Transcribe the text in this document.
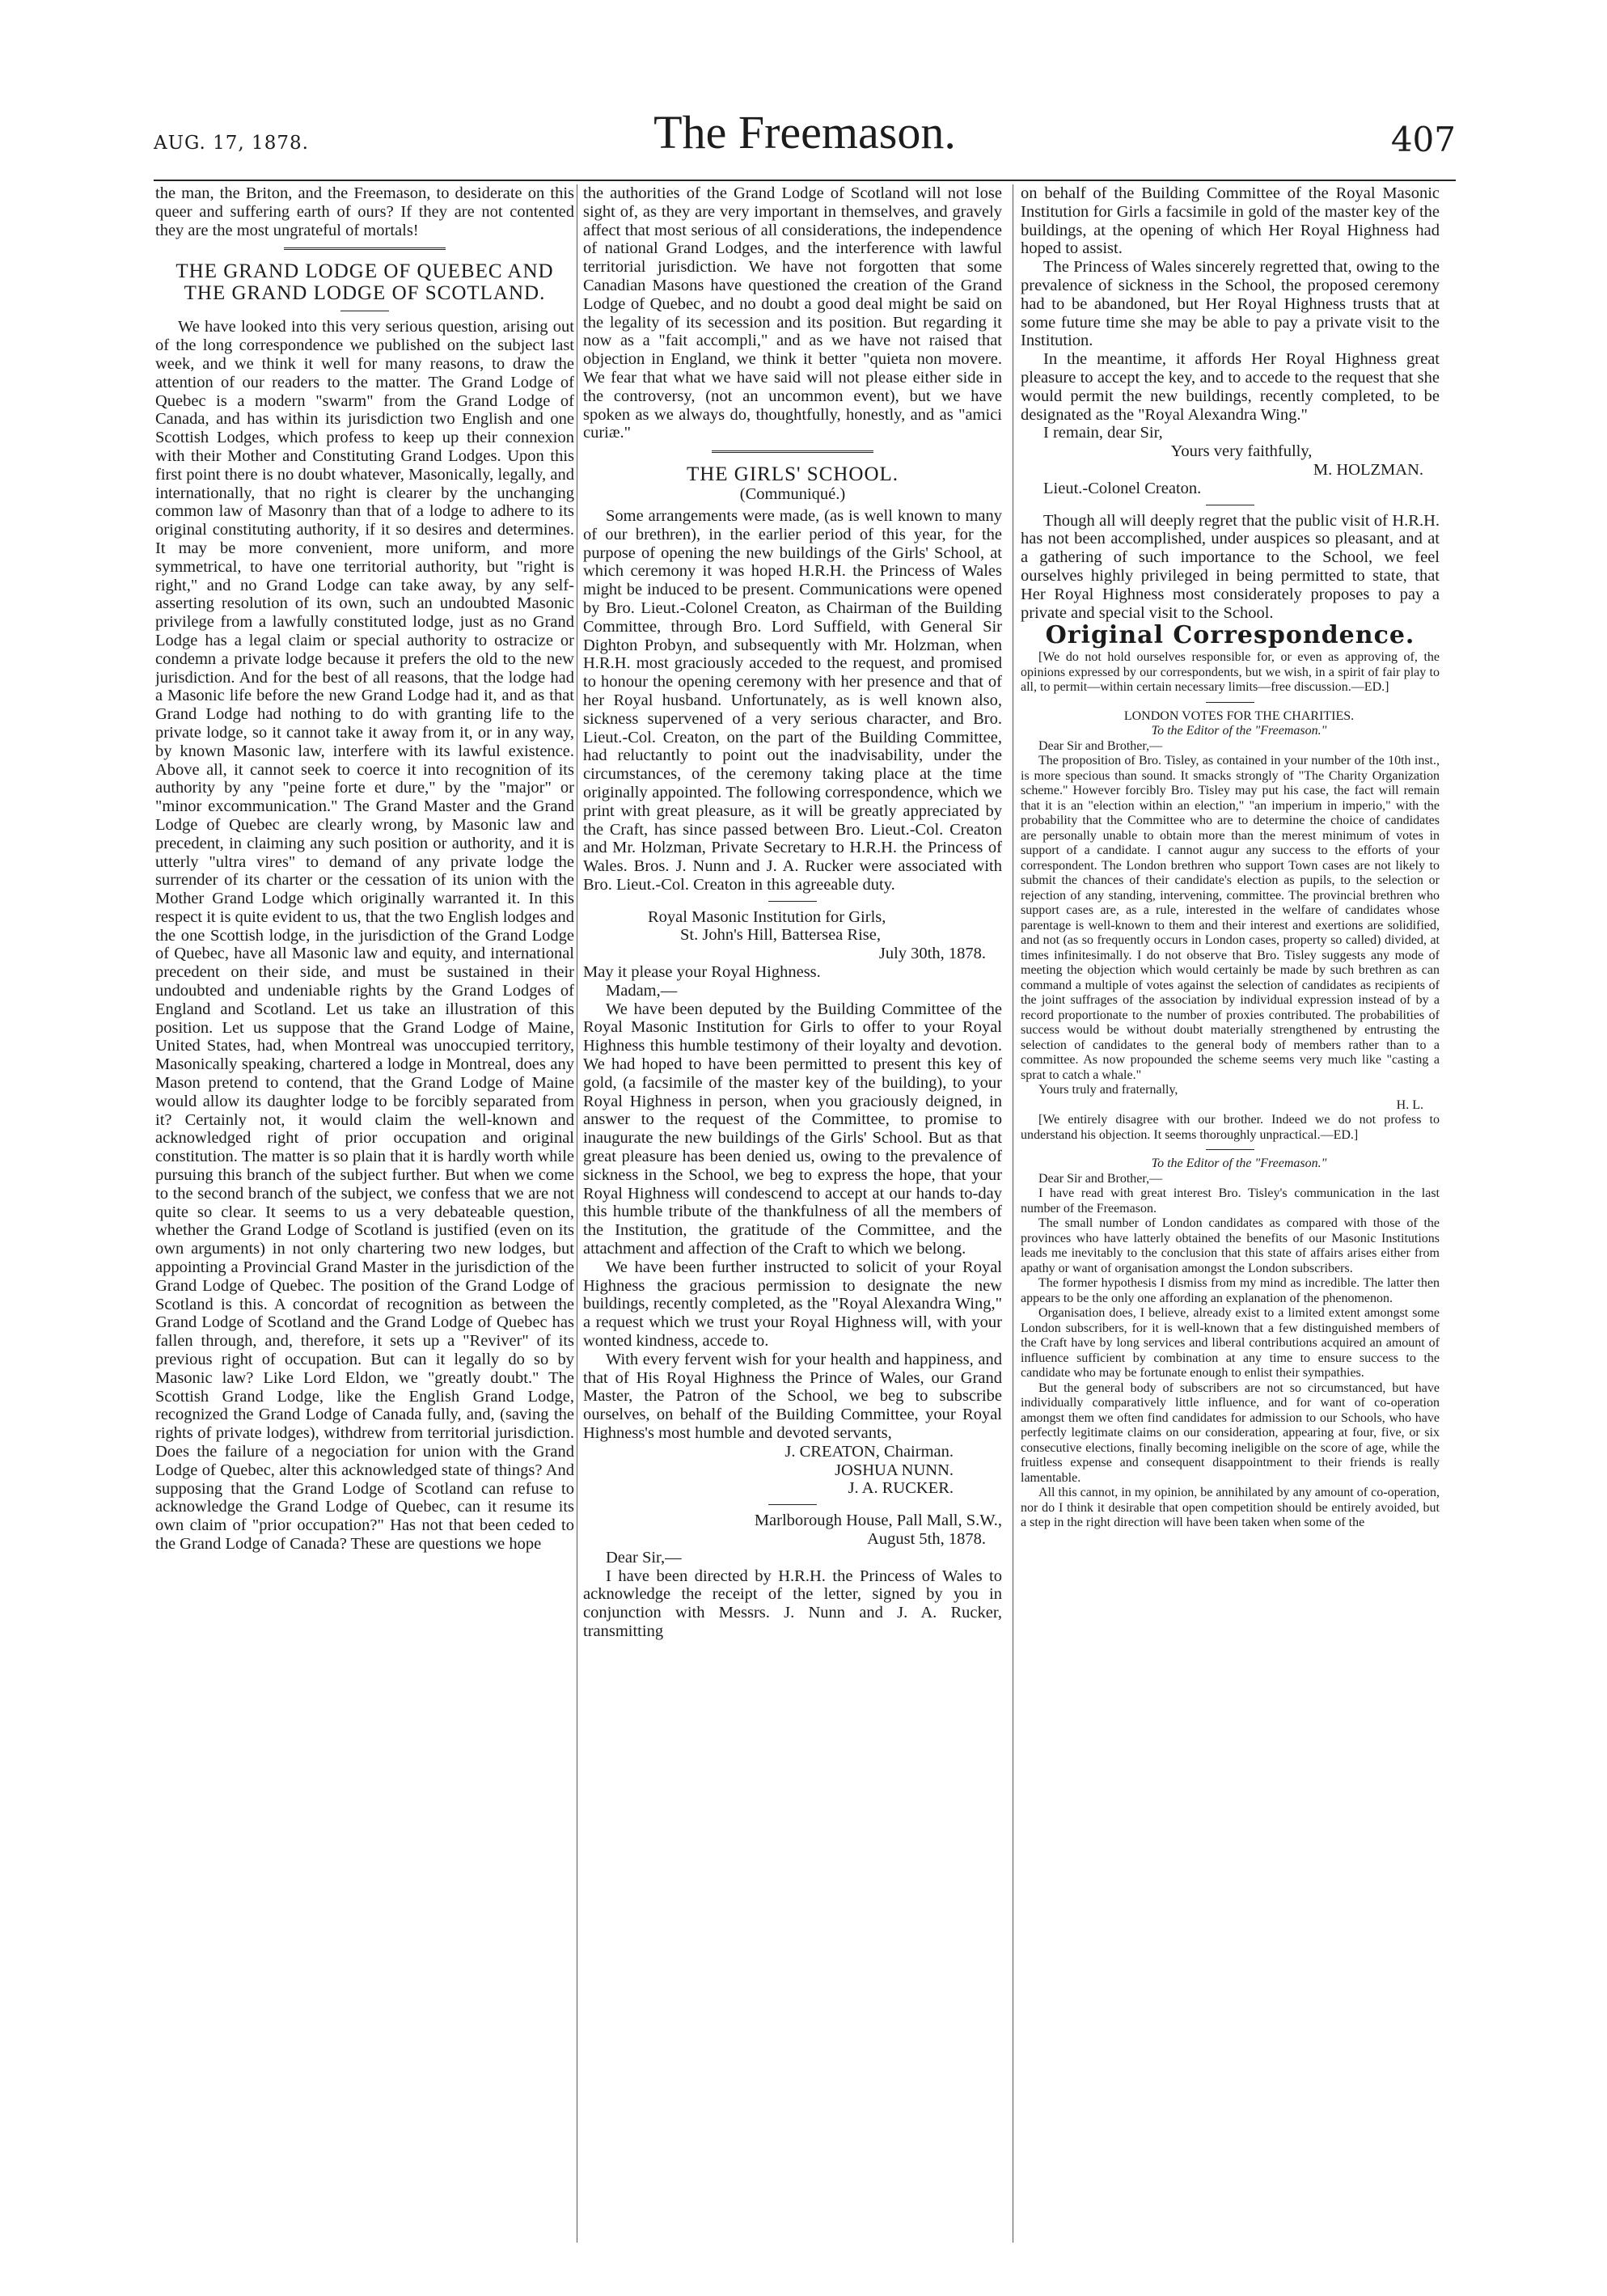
AUG. 17, 1878.	The Freemason.	407

the man, the Briton, and the Freemason, to desiderate on this queer and suffering earth of ours? If they are not contented they are the most ungrateful of mortals!

THE GRAND LODGE OF QUEBEC AND THE GRAND LODGE OF SCOTLAND.

We have looked into this very serious question, arising out of the long correspondence we published on the subject last week, and we think it well for many reasons, to draw the attention of our readers to the matter. The Grand Lodge of Quebec is a modern "swarm" from the Grand Lodge of Canada, and has within its jurisdiction two English and one Scottish Lodges, which profess to keep up their connexion with their Mother and Constituting Grand Lodges. Upon this first point there is no doubt whatever, Masonically, legally, and internationally, that no right is clearer by the unchanging common law of Masonry than that of a lodge to adhere to its original constituting authority, if it so desires and determines. It may be more convenient, more uniform, and more symmetrical, to have one territorial authority, but "right is right," and no Grand Lodge can take away, by any self-asserting resolution of its own, such an undoubted Masonic privilege from a lawfully constituted lodge, just as no Grand Lodge has a legal claim or special authority to ostracize or condemn a private lodge because it prefers the old to the new jurisdiction. And for the best of all reasons, that the lodge had a Masonic life before the new Grand Lodge had it, and as that Grand Lodge had nothing to do with granting life to the private lodge, so it cannot take it away from it, or in any way, by known Masonic law, interfere with its lawful existence. Above all, it cannot seek to coerce it into recognition of its authority by any "peine forte et dure," by the "major" or "minor excommunication." The Grand Master and the Grand Lodge of Quebec are clearly wrong, by Masonic law and precedent, in claiming any such position or authority, and it is utterly "ultra vires" to demand of any private lodge the surrender of its charter or the cessation of its union with the Mother Grand Lodge which originally warranted it. In this respect it is quite evident to us, that the two English lodges and the one Scottish lodge, in the jurisdiction of the Grand Lodge of Quebec, have all Masonic law and equity, and international precedent on their side, and must be sustained in their undoubted and undeniable rights by the Grand Lodges of England and Scotland. Let us take an illustration of this position. Let us suppose that the Grand Lodge of Maine, United States, had, when Montreal was unoccupied territory, Masonically speaking, chartered a lodge in Montreal, does any Mason pretend to contend, that the Grand Lodge of Maine would allow its daughter lodge to be forcibly separated from it? Certainly not, it would claim the well-known and acknowledged right of prior occupation and original constitution. The matter is so plain that it is hardly worth while pursuing this branch of the subject further. But when we come to the second branch of the subject, we confess that we are not quite so clear. It seems to us a very debateable question, whether the Grand Lodge of Scotland is justified (even on its own arguments) in not only chartering two new lodges, but appointing a Provincial Grand Master in the jurisdiction of the Grand Lodge of Quebec. The position of the Grand Lodge of Scotland is this. A concordat of recognition as between the Grand Lodge of Scotland and the Grand Lodge of Quebec has fallen through, and, therefore, it sets up a "Reviver" of its previous right of occupation. But can it legally do so by Masonic law? Like Lord Eldon, we "greatly doubt." The Scottish Grand Lodge, like the English Grand Lodge, recognized the Grand Lodge of Canada fully, and, (saving the rights of private lodges), withdrew from territorial jurisdiction. Does the failure of a negociation for union with the Grand Lodge of Quebec, alter this acknowledged state of things? And supposing that the Grand Lodge of Scotland can refuse to acknowledge the Grand Lodge of Quebec, can it resume its own claim of "prior occupation?" Has not that been ceded to the Grand Lodge of Canada? These are questions we hope

the authorities of the Grand Lodge of Scotland will not lose sight of, as they are very important in themselves, and gravely affect that most serious of all considerations, the independence of national Grand Lodges, and the interference with lawful territorial jurisdiction. We have not forgotten that some Canadian Masons have questioned the creation of the Grand Lodge of Quebec, and no doubt a good deal might be said on the legality of its secession and its position. But regarding it now as a "fait accompli," and as we have not raised that objection in England, we think it better "quieta non movere. We fear that what we have said will not please either side in the controversy, (not an uncommon event), but we have spoken as we always do, thoughtfully, honestly, and as "amici curiæ."

THE GIRLS' SCHOOL.
(Communiqué.)

Some arrangements were made, (as is well known to many of our brethren), in the earlier period of this year, for the purpose of opening the new buildings of the Girls' School, at which ceremony it was hoped H.R.H. the Princess of Wales might be induced to be present. Communications were opened by Bro. Lieut.-Colonel Creaton, as Chairman of the Building Committee, through Bro. Lord Suffield, with General Sir Dighton Probyn, and subsequently with Mr. Holzman, when H.R.H. most graciously acceded to the request, and promised to honour the opening ceremony with her presence and that of her Royal husband. Unfortunately, as is well known also, sickness supervened of a very serious character, and Bro. Lieut.-Col. Creaton, on the part of the Building Committee, had reluctantly to point out the inadvisability, under the circumstances, of the ceremony taking place at the time originally appointed. The following correspondence, which we print with great pleasure, as it will be greatly appreciated by the Craft, has since passed between Bro. Lieut.-Col. Creaton and Mr. Holzman, Private Secretary to H.R.H. the Princess of Wales. Bros. J. Nunn and J. A. Rucker were associated with Bro. Lieut.-Col. Creaton in this agreeable duty.

Royal Masonic Institution for Girls,

St. John's Hill, Battersea Rise,

July 30th, 1878.

May it please your Royal Highness.

Madam,—

We have been deputed by the Building Committee of the Royal Masonic Institution for Girls to offer to your Royal Highness this humble testimony of their loyalty and devotion. We had hoped to have been permitted to present this key of gold, (a facsimile of the master key of the building), to your Royal Highness in person, when you graciously deigned, in answer to the request of the Committee, to promise to inaugurate the new buildings of the Girls' School. But as that great pleasure has been denied us, owing to the prevalence of sickness in the School, we beg to express the hope, that your Royal Highness will condescend to accept at our hands to-day this humble tribute of the thankfulness of all the members of the Institution, the gratitude of the Committee, and the attachment and affection of the Craft to which we belong.

We have been further instructed to solicit of your Royal Highness the gracious permission to designate the new buildings, recently completed, as the "Royal Alexandra Wing," a request which we trust your Royal Highness will, with your wonted kindness, accede to.

With every fervent wish for your health and happiness, and that of His Royal Highness the Prince of Wales, our Grand Master, the Patron of the School, we beg to subscribe ourselves, on behalf of the Building Committee, your Royal Highness's most humble and devoted servants,

J. CREATON, Chairman.

JOSHUA NUNN.

J. A. RUCKER.

Marlborough House, Pall Mall, S.W.,

August 5th, 1878.

Dear Sir,—

I have been directed by H.R.H. the Princess of Wales to acknowledge the receipt of the letter, signed by you in conjunction with Messrs. J. Nunn and J. A. Rucker, transmitting

on behalf of the Building Committee of the Royal Masonic Institution for Girls a facsimile in gold of the master key of the buildings, at the opening of which Her Royal Highness had hoped to assist.

The Princess of Wales sincerely regretted that, owing to the prevalence of sickness in the School, the proposed ceremony had to be abandoned, but Her Royal Highness trusts that at some future time she may be able to pay a private visit to the Institution.

In the meantime, it affords Her Royal Highness great pleasure to accept the key, and to accede to the request that she would permit the new buildings, recently completed, to be designated as the "Royal Alexandra Wing."

I remain, dear Sir,

Yours very faithfully,

M. HOLZMAN.

Lieut.-Colonel Creaton.

Though all will deeply regret that the public visit of H.R.H. has not been accomplished, under auspices so pleasant, and at a gathering of such importance to the School, we feel ourselves highly privileged in being permitted to state, that Her Royal Highness most considerately proposes to pay a private and special visit to the School.

Original Correspondence.

[We do not hold ourselves responsible for, or even as approving of, the opinions expressed by our correspondents, but we wish, in a spirit of fair play to all, to permit—within certain necessary limits—free discussion.—ED.]

LONDON VOTES FOR THE CHARITIES.

To the Editor of the "Freemason."

Dear Sir and Brother,—

The proposition of Bro. Tisley, as contained in your number of the 10th inst., is more specious than sound. It smacks strongly of "The Charity Organization scheme." However forcibly Bro. Tisley may put his case, the fact will remain that it is an "election within an election," "an imperium in imperio," with the probability that the Committee who are to determine the choice of candidates are personally unable to obtain more than the merest minimum of votes in support of a candidate. I cannot augur any success to the efforts of your correspondent. The London brethren who support Town cases are not likely to submit the chances of their candidate's election as pupils, to the selection or rejection of any standing, intervening, committee. The provincial brethren who support cases are, as a rule, interested in the welfare of candidates whose parentage is well-known to them and their interest and exertions are solidified, and not (as so frequently occurs in London cases, property so called) divided, at times infinitesimally. I do not observe that Bro. Tisley suggests any mode of meeting the objection which would certainly be made by such brethren as can command a multiple of votes against the selection of candidates as recipients of the joint suffrages of the association by individual expression instead of by a record proportionate to the number of proxies contributed. The probabilities of success would be without doubt materially strengthened by entrusting the selection of candidates to the general body of members rather than to a committee. As now propounded the scheme seems very much like "casting a sprat to catch a whale."

Yours truly and fraternally,

H. L.

[We entirely disagree with our brother. Indeed we do not profess to understand his objection. It seems thoroughly unpractical.—ED.]

To the Editor of the "Freemason."

Dear Sir and Brother,—

I have read with great interest Bro. Tisley's communication in the last number of the Freemason.

The small number of London candidates as compared with those of the provinces who have latterly obtained the benefits of our Masonic Institutions leads me inevitably to the conclusion that this state of affairs arises either from apathy or want of organisation amongst the London subscribers.

The former hypothesis I dismiss from my mind as incredible. The latter then appears to be the only one affording an explanation of the phenomenon.

Organisation does, I believe, already exist to a limited extent amongst some London subscribers, for it is well-known that a few distinguished members of the Craft have by long services and liberal contributions acquired an amount of influence sufficient by combination at any time to ensure success to the candidate who may be fortunate enough to enlist their sympathies.

But the general body of subscribers are not so circumstanced, but have individually comparatively little influence, and for want of co-operation amongst them we often find candidates for admission to our Schools, who have perfectly legitimate claims on our consideration, appearing at four, five, or six consecutive elections, finally becoming ineligible on the score of age, while the fruitless expense and consequent disappointment to their friends is really lamentable.

All this cannot, in my opinion, be annihilated by any amount of co-operation, nor do I think it desirable that open competition should be entirely avoided, but a step in the right direction will have been taken when some of the
